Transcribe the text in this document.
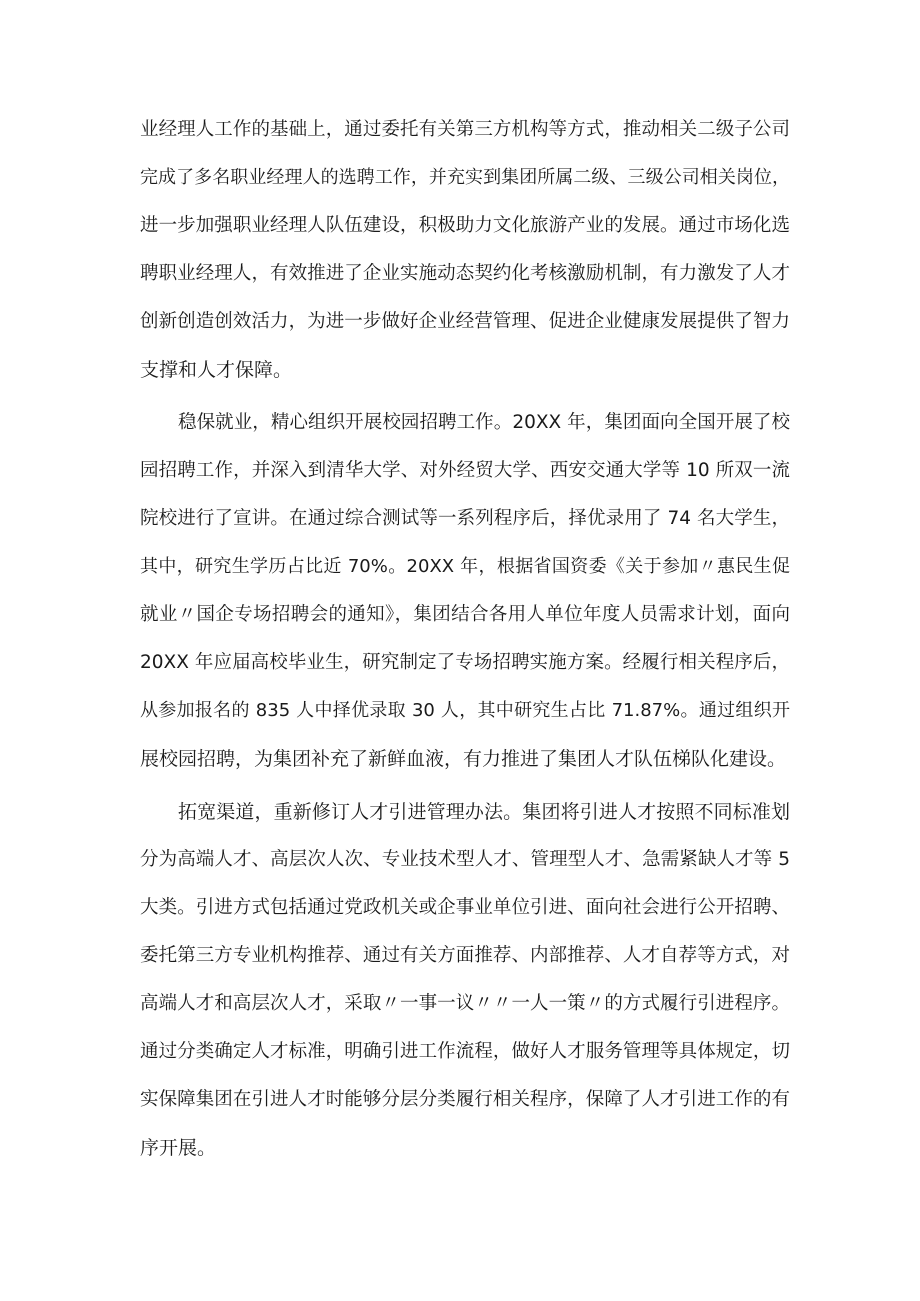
业经理人工作的基础上，通过委托有关第三方机构等方式，推动相关二级子公司
完成了多名职业经理人的选聘工作，并充实到集团所属二级、三级公司相关岗位，
进一步加强职业经理人队伍建设，积极助力文化旅游产业的发展。通过市场化选
聘职业经理人，有效推进了企业实施动态契约化考核激励机制，有力激发了人才
创新创造创效活力，为进一步做好企业经营管理、促进企业健康发展提供了智力
支撑和人才保障。
稳保就业，精心组织开展校园招聘工作。20XX 年，集团面向全国开展了校
园招聘工作，并深入到清华大学、对外经贸大学、西安交通大学等 10 所双一流
院校进行了宣讲。在通过综合测试等一系列程序后，择优录用了 74 名大学生，
其中，研究生学历占比近 70%。20XX 年，根据省国资委《关于参加〃惠民生促
就业〃国企专场招聘会的通知》，集团结合各用人单位年度人员需求计划，面向
20XX 年应届高校毕业生，研究制定了专场招聘实施方案。经履行相关程序后，
从参加报名的 835 人中择优录取 30 人，其中研究生占比 71.87%。通过组织开
展校园招聘，为集团补充了新鲜血液，有力推进了集团人才队伍梯队化建设。
拓宽渠道，重新修订人才引进管理办法。集团将引进人才按照不同标准划
分为高端人才、高层次人次、专业技术型人才、管理型人才、急需紧缺人才等 5
大类。引进方式包括通过党政机关或企事业单位引进、面向社会进行公开招聘、
委托第三方专业机构推荐、通过有关方面推荐、内部推荐、人才自荐等方式，对
高端人才和高层次人才，采取〃一事一议〃〃一人一策〃的方式履行引进程序。
通过分类确定人才标准，明确引进工作流程，做好人才服务管理等具体规定，切
实保障集团在引进人才时能够分层分类履行相关程序，保障了人才引进工作的有
序开展。
